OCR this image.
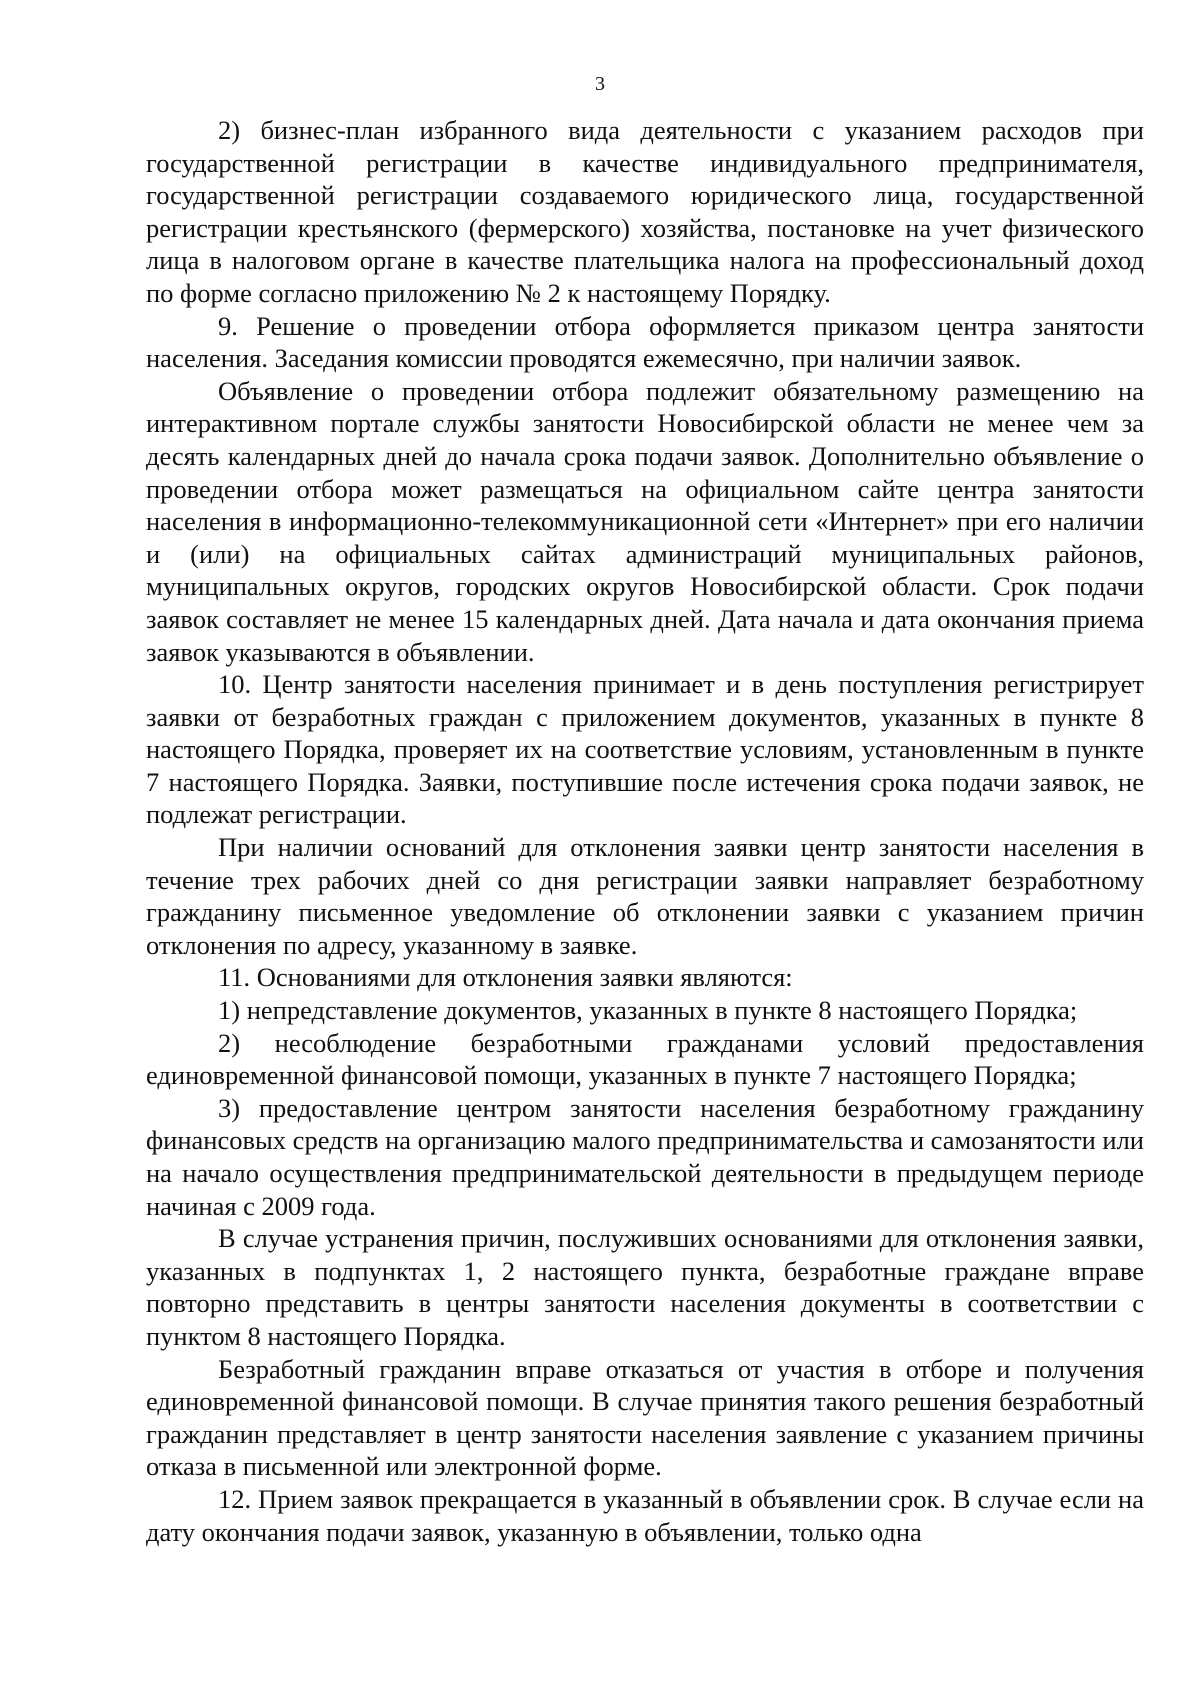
3

2) бизнес-план избранного вида деятельности с указанием расходов при государственной регистрации в качестве индивидуального предпринимателя, государственной регистрации создаваемого юридического лица, государственной регистрации крестьянского (фермерского) хозяйства, постановке на учет физического лица в налоговом органе в качестве плательщика налога на профессиональный доход по форме согласно приложению № 2 к настоящему Порядку.

9. Решение о проведении отбора оформляется приказом центра занятости населения. Заседания комиссии проводятся ежемесячно, при наличии заявок.

Объявление о проведении отбора подлежит обязательному размещению на интерактивном портале службы занятости Новосибирской области не менее чем за десять календарных дней до начала срока подачи заявок. Дополнительно объявление о проведении отбора может размещаться на официальном сайте центра занятости населения в информационно-телекоммуникационной сети «Интернет» при его наличии и (или) на официальных сайтах администраций муниципальных районов, муниципальных округов, городских округов Новосибирской области. Срок подачи заявок составляет не менее 15 календарных дней. Дата начала и дата окончания приема заявок указываются в объявлении.

10. Центр занятости населения принимает и в день поступления регистрирует заявки от безработных граждан с приложением документов, указанных в пункте 8 настоящего Порядка, проверяет их на соответствие условиям, установленным в пункте 7 настоящего Порядка. Заявки, поступившие после истечения срока подачи заявок, не подлежат регистрации.

При наличии оснований для отклонения заявки центр занятости населения в течение трех рабочих дней со дня регистрации заявки направляет безработному гражданину письменное уведомление об отклонении заявки с указанием причин отклонения по адресу, указанному в заявке.

11. Основаниями для отклонения заявки являются:

1) непредставление документов, указанных в пункте 8 настоящего Порядка;

2) несоблюдение безработными гражданами условий предоставления единовременной финансовой помощи, указанных в пункте 7 настоящего Порядка;

3) предоставление центром занятости населения безработному гражданину финансовых средств на организацию малого предпринимательства и самозанятости или на начало осуществления предпринимательской деятельности в предыдущем периоде начиная с 2009 года.

В случае устранения причин, послуживших основаниями для отклонения заявки, указанных в подпунктах 1, 2 настоящего пункта, безработные граждане вправе повторно представить в центры занятости населения документы в соответствии с пунктом 8 настоящего Порядка.

Безработный гражданин вправе отказаться от участия в отборе и получения единовременной финансовой помощи. В случае принятия такого решения безработный гражданин представляет в центр занятости населения заявление с указанием причины отказа в письменной или электронной форме.

12. Прием заявок прекращается в указанный в объявлении срок. В случае если на дату окончания подачи заявок, указанную в объявлении, только одна
